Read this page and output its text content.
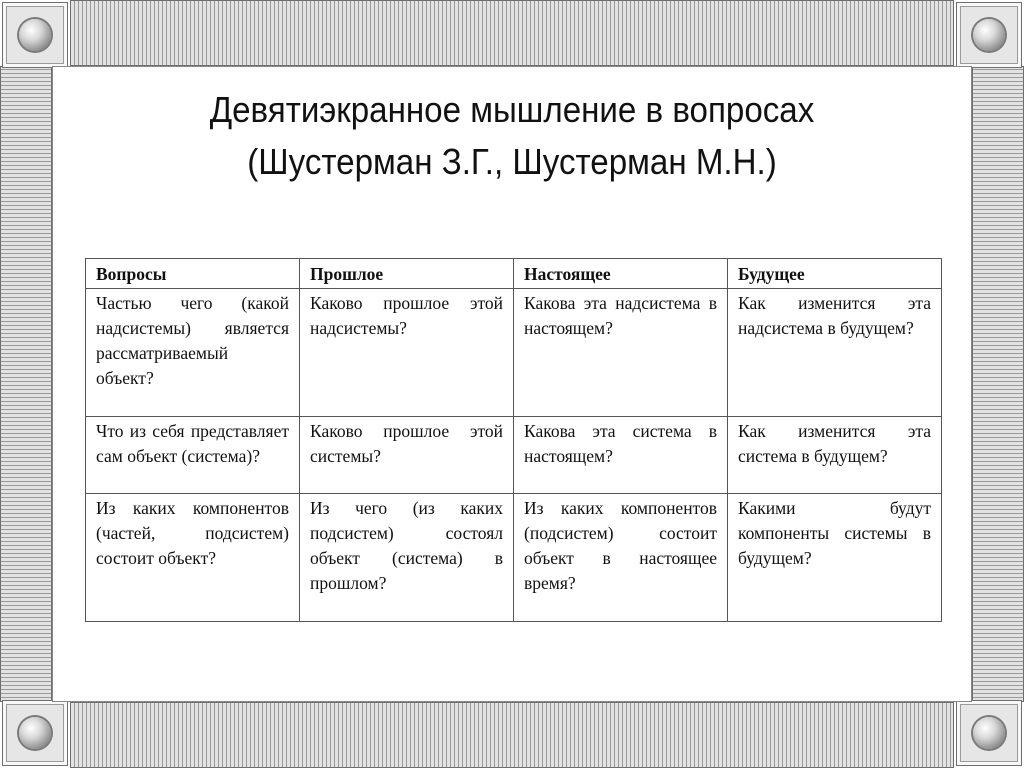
Девятиэкранное мышление в вопросах
(Шустерман З.Г., Шустерман М.Н.)
Вопросы	Прошлое	Настоящее	Будущее
Частью чего (какой надсистемы) является рассматриваемый объект?	Каково прошлое этой надсистемы?	Какова эта надсистема в настоящем?	Как изменится эта надсистема в будущем?
Что из себя представляет сам объект (система)?	Каково прошлое этой системы?	Какова эта система в настоящем?	Как изменится эта система в будущем?
Из каких компонентов (частей, подсистем) состоит объект?	Из чего (из каких подсистем) состоял объект (система) в прошлом?	Из каких компонентов (подсистем) состоит объект в настоящее время?	Какими будут компоненты системы в будущем?
